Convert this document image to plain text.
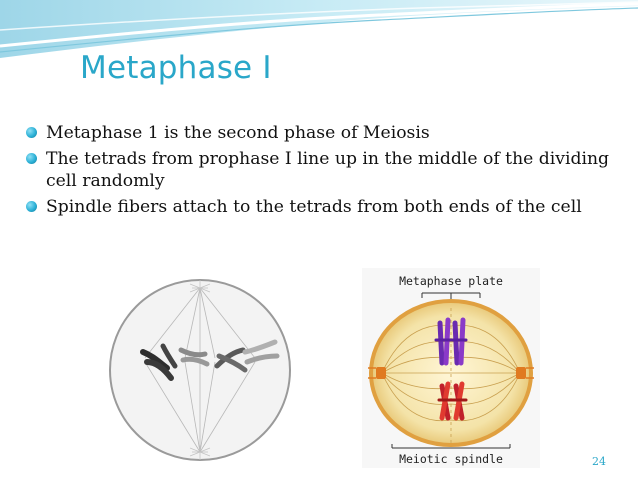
Metaphase I
Metaphase 1 is the second phase of Meiosis
The tetrads from prophase I line up in the middle of the dividing cell randomly
Spindle fibers attach to the tetrads from both ends of the cell
Metaphase plate
Meiotic spindle	24
